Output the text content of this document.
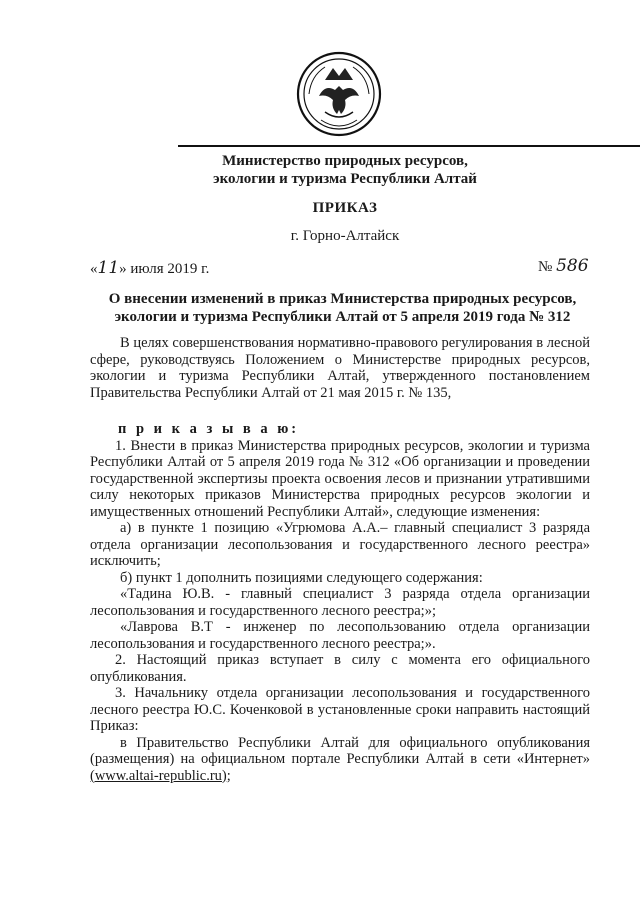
Министерство природных ресурсов,
экологии и туризма Республики Алтай
ПРИКАЗ
г. Горно-Алтайск
«11» июля 2019 г.	№ 586
О внесении изменений в приказ Министерства природных ресурсов,
экологии и туризма Республики Алтай от 5 апреля 2019 года № 312

В целях совершенствования нормативно-правового регулирования в лесной сфере, руководствуясь Положением о Министерстве природных ресурсов, экологии и туризма Республики Алтай, утвержденного постановлением Правительства Республики Алтай от 21 мая 2015 г. № 135,

п р и к а з ы в а ю:

1. Внести в приказ Министерства природных ресурсов, экологии и туризма Республики Алтай от 5 апреля 2019 года № 312 «Об организации и проведении государственной экспертизы проекта освоения лесов и признании утратившими силу некоторых приказов Министерства природных ресурсов экологии и имущественных отношений Республики Алтай», следующие изменения:

а) в пункте 1 позицию «Угрюмова А.А.– главный специалист 3 разряда отдела организации лесопользования и государственного лесного реестра» исключить;

б) пункт 1 дополнить позициями следующего содержания:

«Тадина Ю.В. - главный специалист 3 разряда отдела организации лесопользования и государственного лесного реестра;»;

«Лаврова В.Т - инженер по лесопользованию отдела организации лесопользования и государственного лесного реестра;».

2. Настоящий приказ вступает в силу с момента его официального опубликования.

3. Начальнику отдела организации лесопользования и государственного лесного реестра Ю.С. Коченковой в установленные сроки направить настоящий Приказ:

в Правительство Республики Алтай для официального опубликования (размещения) на официальном портале Республики Алтай в сети «Интернет» (www.altai-republic.ru);
